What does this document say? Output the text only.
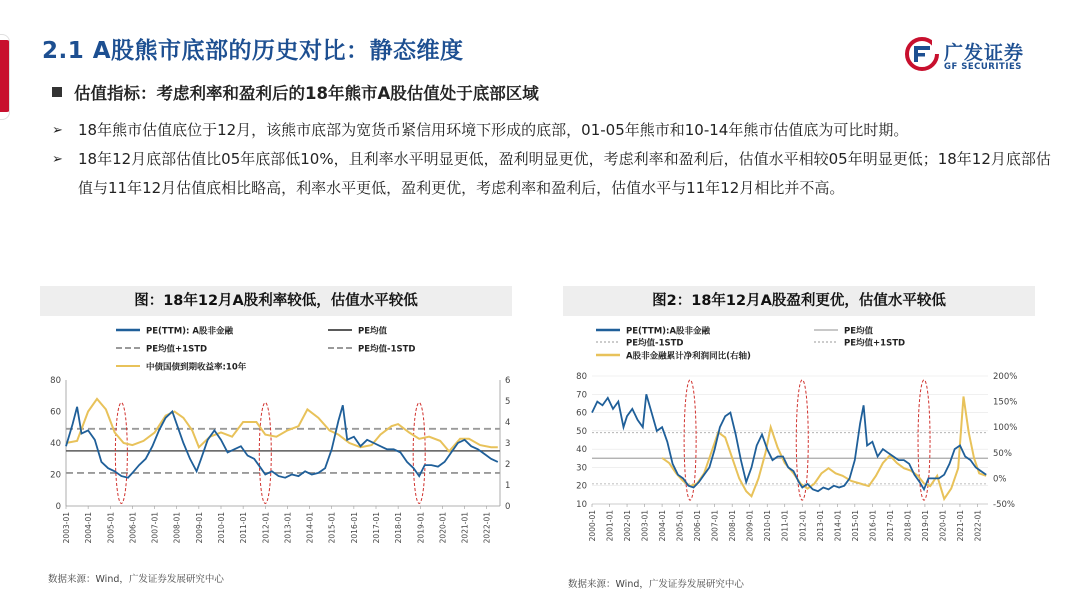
2.1 A股熊市底部的历史对比：静态维度	广发证券
GF SECURITIES
估值指标：考虑利率和盈利后的18年熊市A股估值处于底部区域
➢	18年熊市估值底位于12月，该熊市底部为宽货币紧信用环境下形成的底部，01-05年熊市和10-14年熊市估值底为可比时期。
➢	18年12月底部估值比05年底部低10%，且利率水平明显更低，盈利明显更优，考虑利率和盈利后，估值水平相较05年明显更低；18年12月底部估值与11年12月估值底相比略高，利率水平更低，盈利更优，考虑利率和盈利后，估值水平与11年12月相比并不高。
图：18年12月A股利率较低，估值水平较低	图2：18年12月A股盈利更优，估值水平较低
PE(TTM): A股非金融	PE均值
PE均值+1STD	PE均值-1STD
中债国债到期收益率:10年
0
20
40
60
80
0
1
2
3
4
5
6
2003-01 2004-01 2005-01 2006-01 2007-01 2008-01 2009-01 2010-01 2011-01 2012-01 2013-01 2014-01 2015-01 2016-01 2017-01 2018-01 2019-01 2020-01 2021-01 2022-01
PE(TTM):A股非金融	PE均值
PE均值-1STD	PE均值+1STD
A股非金融累计净利润同比(右轴)
10
20
30
40
50
60
70
80
-50%
0%
50%
100%
150%
200%
2000-01 2001-01 2002-01 2003-01 2004-01 2005-01 2006-01 2007-01 2008-01 2009-01 2010-01 2011-01 2012-01 2013-01 2014-01 2015-01 2016-01 2017-01 2018-01 2019-01 2020-01 2021-01 2022-01
数据来源：Wind，广发证券发展研究中心	数据来源：Wind，广发证券发展研究中心
